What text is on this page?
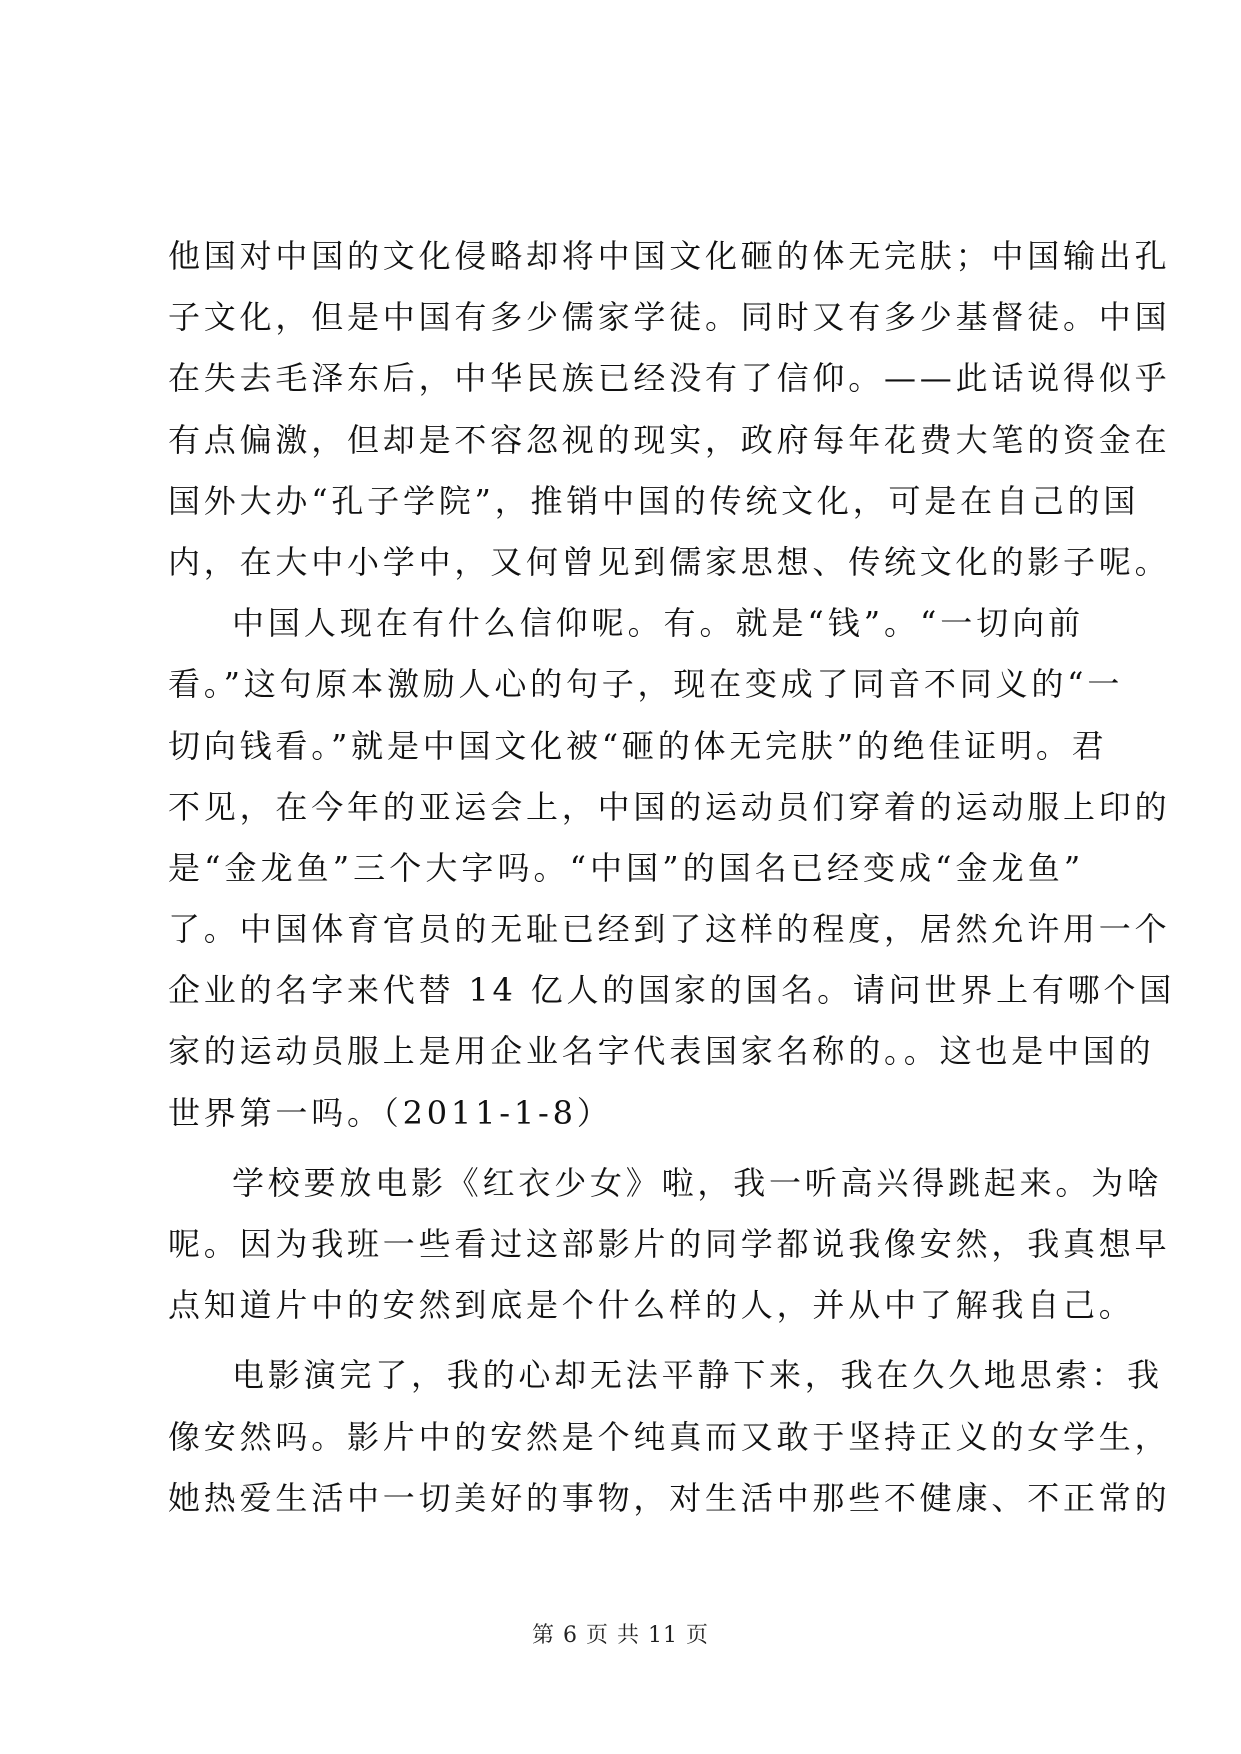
他国对中国的文化侵略却将中国文化砸的体无完肤；中国输出孔
子文化，但是中国有多少儒家学徒。同时又有多少基督徒。中国
在失去毛泽东后，中华民族已经没有了信仰。——此话说得似乎
有点偏激，但却是不容忽视的现实，政府每年花费大笔的资金在
国外大办“孔子学院”，推销中国的传统文化，可是在自己的国
内，在大中小学中，又何曾见到儒家思想、传统文化的影子呢。
中国人现在有什么信仰呢。有。就是“钱”。“一切向前
看。”这句原本激励人心的句子，现在变成了同音不同义的“一
切向钱看。”就是中国文化被“砸的体无完肤”的绝佳证明。君
不见，在今年的亚运会上，中国的运动员们穿着的运动服上印的
是“金龙鱼”三个大字吗。“中国”的国名已经变成“金龙鱼”
了。中国体育官员的无耻已经到了这样的程度，居然允许用一个
企业的名字来代替 14 亿人的国家的国名。请问世界上有哪个国
家的运动员服上是用企业名字代表国家名称的。。这也是中国的
世界第一吗。（2011-1-8）
学校要放电影《红衣少女》啦，我一听高兴得跳起来。为啥
呢。因为我班一些看过这部影片的同学都说我像安然，我真想早
点知道片中的安然到底是个什么样的人，并从中了解我自己。
电影演完了，我的心却无法平静下来，我在久久地思索：我
像安然吗。影片中的安然是个纯真而又敢于坚持正义的女学生，
她热爱生活中一切美好的事物，对生活中那些不健康、不正常的
第 6 页 共 11 页
